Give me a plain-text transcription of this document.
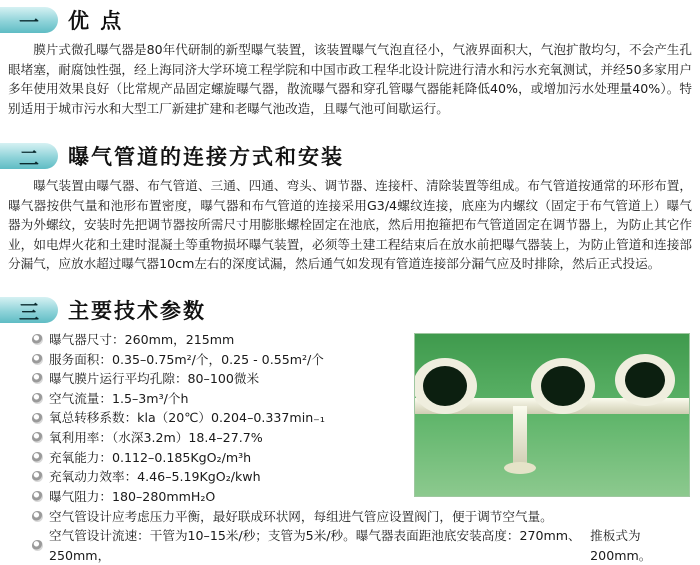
一	优 点

膜片式微孔曝气器是80年代研制的新型曝气装置，该装置曝气气泡直径小，气液界面积大，气泡扩散均匀，不会产生孔眼堵塞，耐腐蚀性强，经上海同济大学环境工程学院和中国市政工程华北设计院进行清水和污水充氧测试，并经50多家用户多年使用效果良好（比常规产品固定螺旋曝气器，散流曝气器和穿孔管曝气器能耗降低40%，或增加污水处理量40%）。特别适用于城市污水和大型工厂新建扩建和老曝气池改造，且曝气池可间歇运行。

二	曝气管道的连接方式和安装

曝气装置由曝气器、布气管道、三通、四通、弯头、调节器、连接杆、清除装置等组成。布气管道按通常的环形布置，曝气器按供气量和池形布置密度，曝气器和布气管道的连接采用G3/4螺纹连接，底座为内螺纹（固定于布气管道上）曝气器为外螺纹，安装时先把调节器按所需尺寸用膨胀螺栓固定在池底，然后用抱箍把布气管道固定在调节器上，为防止其它作业，如电焊火花和土建时混凝土等重物损坏曝气装置，必须等土建工程结束后在放水前把曝气器装上，为防止管道和连接部分漏气，应放水超过曝气器10cm左右的深度试漏，然后通气如发现有管道连接部分漏气应及时排除，然后正式投运。

三	主要技术参数
曝气器尺寸：260mm，215mm
服务面积：0.35–0.75m²/个，0.25 - 0.55m²/个
曝气膜片运行平均孔隙：80–100微米
空气流量：1.5–3m³/个h
氧总转移系数：kla（20℃）0.204–0.337min₋₁
氧利用率：（水深3.2m）18.4–27.7%
充氧能力：0.112–0.185KgO₂/m³h
充氧动力效率：4.46–5.19KgO₂/kwh
曝气阻力：180–280mmH₂O
空气管设计应考虑压力平衡，最好联成环状网，每组进气管应设置阀门，便于调节空气量。
空气管设计流速：干管为10–15米/秒；支管为5米/秒。曝气器表面距池底安装高度：270mm、250mm，
推板式为200mm。
